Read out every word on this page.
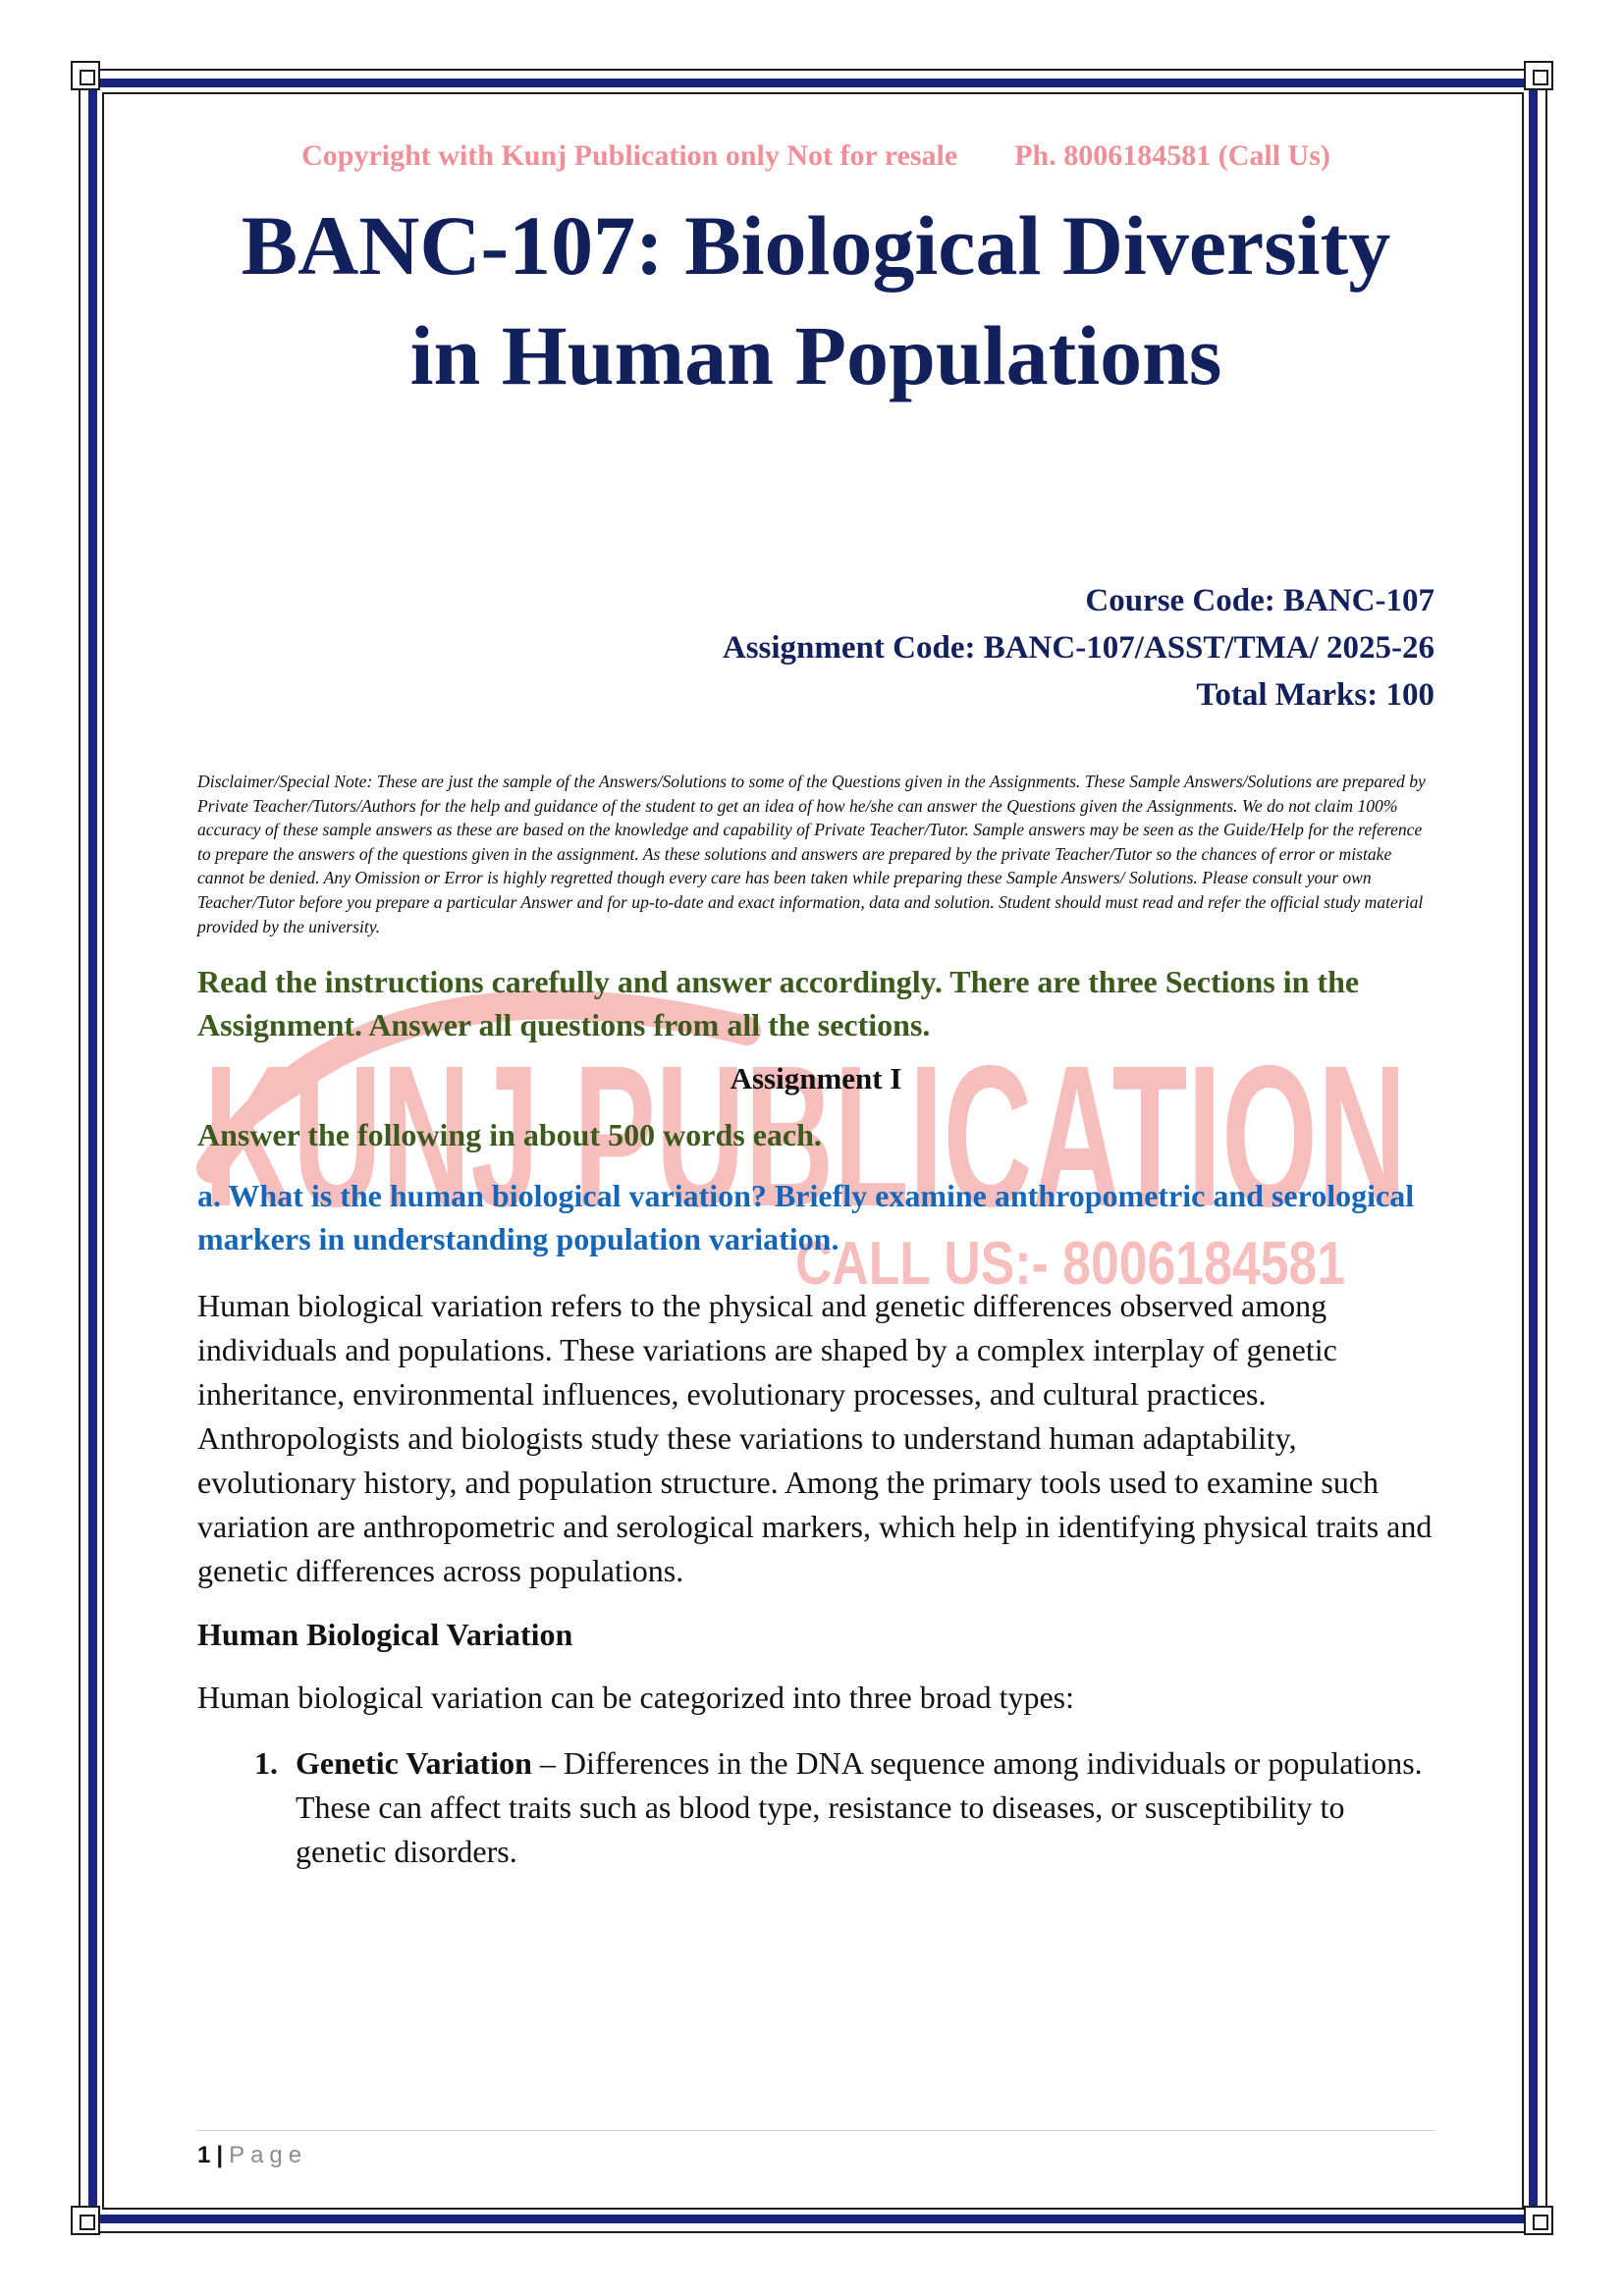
KUNJ PUBLICATION
CALL US:- 8006184581
Copyright with Kunj Publication only Not for resale Ph. 8006184581 (Call Us)
BANC-107: Biological Diversity
in Human Populations
Course Code: BANC-107
Assignment Code: BANC-107/ASST/TMA/ 2025-26
Total Marks: 100
Disclaimer/Special Note: These are just the sample of the Answers/Solutions to some of the Questions given in the Assignments. These Sample Answers/Solutions are prepared by Private Teacher/Tutors/Authors for the help and guidance of the student to get an idea of how he/she can answer the Questions given the Assignments. We do not claim 100% accuracy of these sample answers as these are based on the knowledge and capability of Private Teacher/Tutor. Sample answers may be seen as the Guide/Help for the reference to prepare the answers of the questions given in the assignment. As these solutions and answers are prepared by the private Teacher/Tutor so the chances of error or mistake cannot be denied. Any Omission or Error is highly regretted though every care has been taken while preparing these Sample Answers/ Solutions. Please consult your own Teacher/Tutor before you prepare a particular Answer and for up-to-date and exact information, data and solution. Student should must read and refer the official study material provided by the university.
Read the instructions carefully and answer accordingly. There are three Sections in the Assignment. Answer all questions from all the sections.
Assignment I
Answer the following in about 500 words each.
a. What is the human biological variation? Briefly examine anthropometric and serological markers in understanding population variation.
Human biological variation refers to the physical and genetic differences observed among individuals and populations. These variations are shaped by a complex interplay of genetic inheritance, environmental influences, evolutionary processes, and cultural practices. Anthropologists and biologists study these variations to understand human adaptability, evolutionary history, and population structure. Among the primary tools used to examine such variation are anthropometric and serological markers, which help in identifying physical traits and genetic differences across populations.
Human Biological Variation
Human biological variation can be categorized into three broad types:
1. Genetic Variation – Differences in the DNA sequence among individuals or populations. These can affect traits such as blood type, resistance to diseases, or susceptibility to genetic disorders.
1 | Page
